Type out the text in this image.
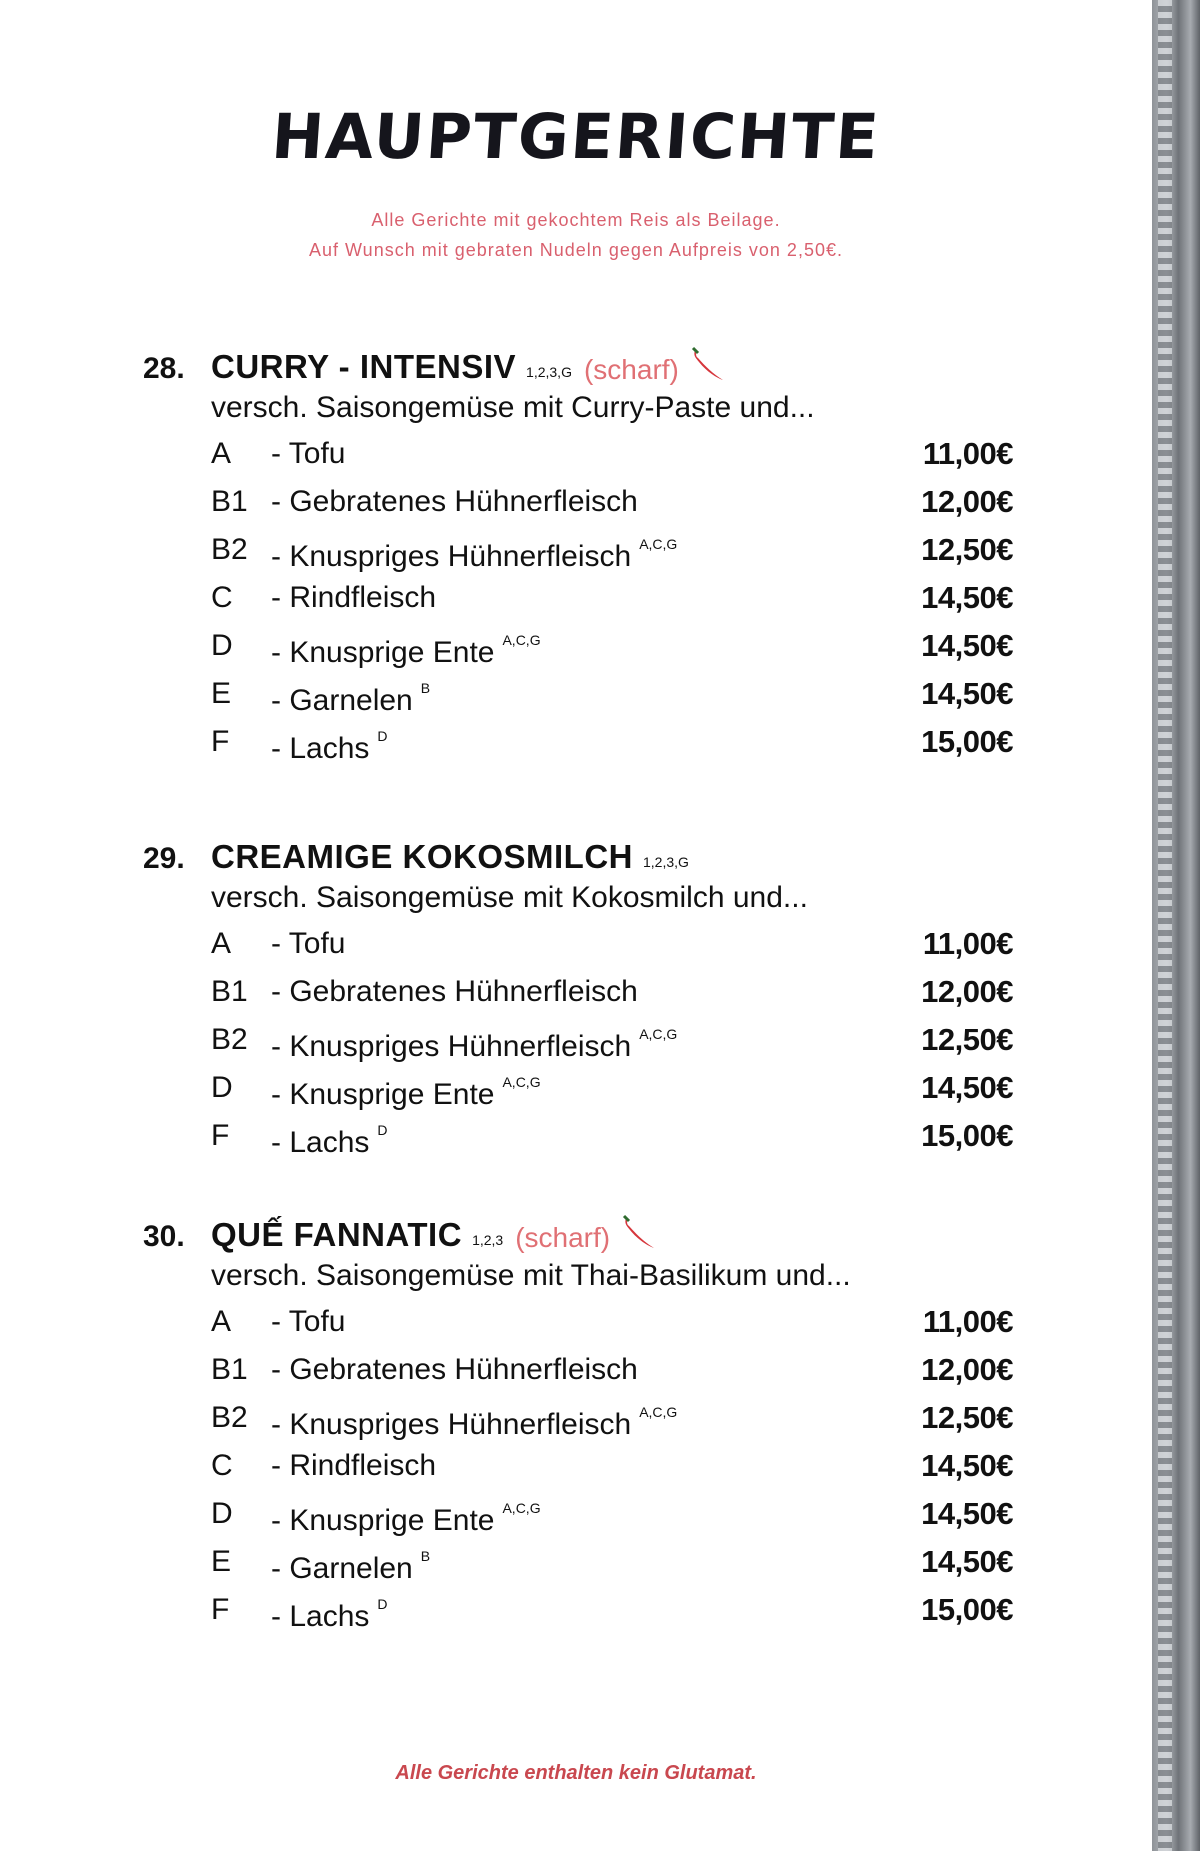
HAUPTGERICHTE
Alle Gerichte mit gekochtem Reis als Beilage.
Auf Wunsch mit gebraten Nudeln gegen Aufpreis von 2,50€.
28. CURRY - INTENSIV 1,2,3,G (scharf)
versch. Saisongemüse mit Curry-Paste und...
A	- Tofu	11,00€
B1 - Gebratenes Hühnerfleisch	12,00€
B2 - Knuspriges Hühnerfleisch $^{A,C,G}$	12,50€
C	- Rindfleisch	14,50€
D	- Knusprige Ente $^{A,C,G}$	14,50€
E	- Garnelen $^B$	14,50€
F	- Lachs $^D$	15,00€
29. CREAMIGE KOKOSMILCH 1,2,3,G
versch. Saisongemüse mit Kokosmilch und...
A	- Tofu	11,00€
B1 - Gebratenes Hühnerfleisch	12,00€
B2 - Knuspriges Hühnerfleisch $^{A,C,G}$	12,50€
D	- Knusprige Ente $^{A,C,G}$	14,50€
F	- Lachs $^D$	15,00€
30. QUẾ FANNATIC 1,2,3 (scharf)
versch. Saisongemüse mit Thai-Basilikum und...
A	- Tofu	11,00€
B1 - Gebratenes Hühnerfleisch	12,00€
B2 - Knuspriges Hühnerfleisch $^{A,C,G}$	12,50€
C	- Rindfleisch	14,50€
D	- Knusprige Ente $^{A,C,G}$	14,50€
E	- Garnelen $^B$	14,50€
F	- Lachs $^D$	15,00€
Alle Gerichte enthalten kein Glutamat.
